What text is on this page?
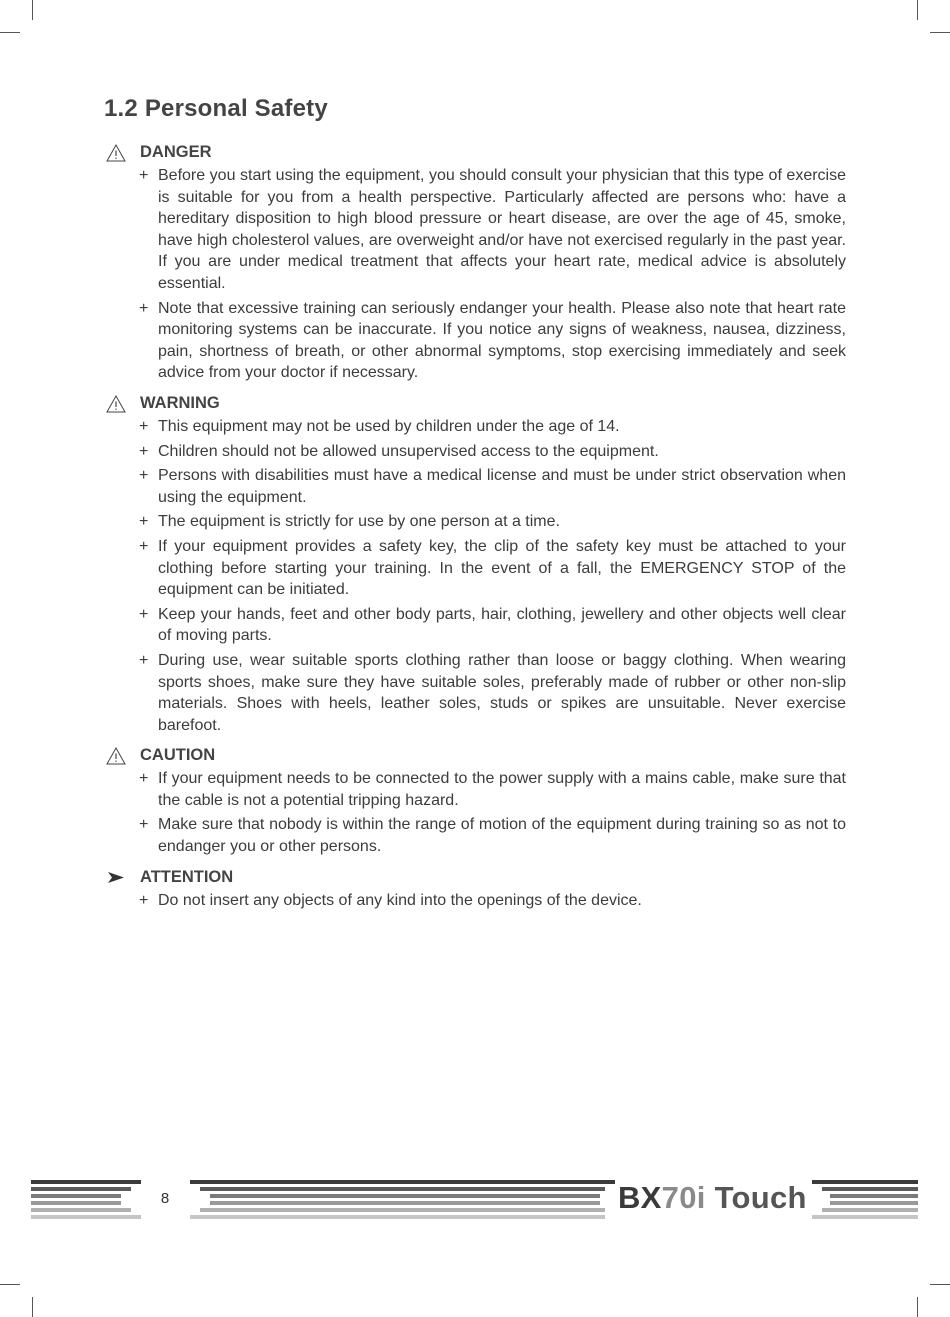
1.2 Personal Safety
DANGER
+ Before you start using the equipment, you should consult your physician that this type of exercise is suitable for you from a health perspective. Particularly affected are persons who: have a hereditary disposition to high blood pressure or heart disease, are over the age of 45, smoke, have high cholesterol values, are overweight and/or have not exercised regularly in the past year. If you are under medical treatment that affects your heart rate, medical advice is absolutely essential.
+ Note that excessive training can seriously endanger your health. Please also note that heart rate monitoring systems can be inaccurate. If you notice any signs of weakness, nausea, dizziness, pain, shortness of breath, or other abnormal symptoms, stop exercising immediately and seek advice from your doctor if necessary.
WARNING
+ This equipment may not be used by children under the age of 14.
+ Children should not be allowed unsupervised access to the equipment.
+ Persons with disabilities must have a medical license and must be under strict observation when using the equipment.
+ The equipment is strictly for use by one person at a time.
+ If your equipment provides a safety key, the clip of the safety key must be attached to your clothing before starting your training. In the event of a fall, the EMERGENCY STOP of the equipment can be initiated.
+ Keep your hands, feet and other body parts, hair, clothing, jewellery and other objects well clear of moving parts.
+ During use, wear suitable sports clothing rather than loose or baggy clothing. When wearing sports shoes, make sure they have suitable soles, preferably made of rubber or other non-slip materials. Shoes with heels, leather soles, studs or spikes are unsuitable. Never exercise barefoot.
CAUTION
+ If your equipment needs to be connected to the power supply with a mains cable, make sure that the cable is not a potential tripping hazard.
+ Make sure that nobody is within the range of motion of the equipment during training so as not to endanger you or other persons.
ATTENTION
+ Do not insert any objects of any kind into the openings of the device.
8	BX70i Touch
